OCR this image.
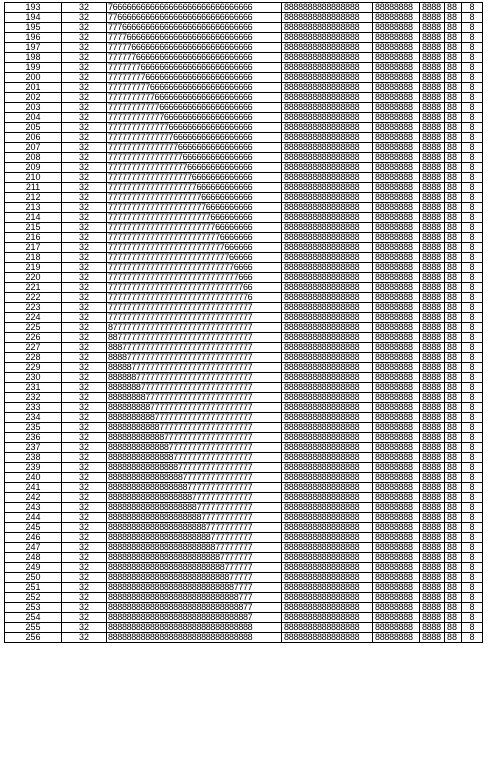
193	32	7666666666666666666666666666666	8888888888888888	88888888	8888	88	8
194	32	7766666666666666666666666666666	8888888888888888	88888888	8888	88	8
195	32	7776666666666666666666666666666	8888888888888888	88888888	8888	88	8
196	32	7777666666666666666666666666666	8888888888888888	88888888	8888	88	8
197	32	7777766666666666666666666666666	8888888888888888	88888888	8888	88	8
198	32	7777776666666666666666666666666	8888888888888888	88888888	8888	88	8
199	32	7777777666666666666666666666666	8888888888888888	88888888	8888	88	8
200	32	7777777766666666666666666666666	8888888888888888	88888888	8888	88	8
201	32	7777777776666666666666666666666	8888888888888888	88888888	8888	88	8
202	32	7777777777666666666666666666666	8888888888888888	88888888	8888	88	8
203	32	7777777777766666666666666666666	8888888888888888	88888888	8888	88	8
204	32	7777777777776666666666666666666	8888888888888888	88888888	8888	88	8
205	32	7777777777777666666666666666666	8888888888888888	88888888	8888	88	8
206	32	7777777777777766666666666666666	8888888888888888	88888888	8888	88	8
207	32	7777777777777776666666666666666	8888888888888888	88888888	8888	88	8
208	32	7777777777777777666666666666666	8888888888888888	88888888	8888	88	8
209	32	7777777777777777766666666666666	8888888888888888	88888888	8888	88	8
210	32	7777777777777777776666666666666	8888888888888888	88888888	8888	88	8
211	32	7777777777777777777666666666666	8888888888888888	88888888	8888	88	8
212	32	7777777777777777777766666666666	8888888888888888	88888888	8888	88	8
213	32	7777777777777777777776666666666	8888888888888888	88888888	8888	88	8
214	32	7777777777777777777777666666666	8888888888888888	88888888	8888	88	8
215	32	7777777777777777777777766666666	8888888888888888	88888888	8888	88	8
216	32	7777777777777777777777776666666	8888888888888888	88888888	8888	88	8
217	32	7777777777777777777777777666666	8888888888888888	88888888	8888	88	8
218	32	7777777777777777777777777766666	8888888888888888	88888888	8888	88	8
219	32	7777777777777777777777777776666	8888888888888888	88888888	8888	88	8
220	32	7777777777777777777777777777666	8888888888888888	88888888	8888	88	8
221	32	7777777777777777777777777777766	8888888888888888	88888888	8888	88	8
222	32	7777777777777777777777777777776	8888888888888888	88888888	8888	88	8
223	32	7777777777777777777777777777777	8888888888888888	88888888	8888	88	8
224	32	7777777777777777777777777777777	8888888888888888	88888888	8888	88	8
225	32	8777777777777777777777777777777	8888888888888888	88888888	8888	88	8
226	32	8877777777777777777777777777777	8888888888888888	88888888	8888	88	8
227	32	8887777777777777777777777777777	8888888888888888	88888888	8888	88	8
228	32	8888777777777777777777777777777	8888888888888888	88888888	8888	88	8
229	32	8888877777777777777777777777777	8888888888888888	88888888	8888	88	8
230	32	8888887777777777777777777777777	8888888888888888	88888888	8888	88	8
231	32	8888888777777777777777777777777	8888888888888888	88888888	8888	88	8
232	32	8888888877777777777777777777777	8888888888888888	88888888	8888	88	8
233	32	8888888887777777777777777777777	8888888888888888	88888888	8888	88	8
234	32	8888888888777777777777777777777	8888888888888888	88888888	8888	88	8
235	32	8888888888877777777777777777777	8888888888888888	88888888	8888	88	8
236	32	8888888888887777777777777777777	8888888888888888	88888888	8888	88	8
237	32	8888888888888777777777777777777	8888888888888888	88888888	8888	88	8
238	32	8888888888888877777777777777777	8888888888888888	88888888	8888	88	8
239	32	8888888888888887777777777777777	8888888888888888	88888888	8888	88	8
240	32	8888888888888888777777777777777	8888888888888888	88888888	8888	88	8
241	32	8888888888888888877777777777777	8888888888888888	88888888	8888	88	8
242	32	8888888888888888887777777777777	8888888888888888	88888888	8888	88	8
243	32	8888888888888888888777777777777	8888888888888888	88888888	8888	88	8
244	32	8888888888888888888877777777777	8888888888888888	88888888	8888	88	8
245	32	8888888888888888888887777777777	8888888888888888	88888888	8888	88	8
246	32	8888888888888888888888777777777	8888888888888888	88888888	8888	88	8
247	32	8888888888888888888888877777777	8888888888888888	88888888	8888	88	8
248	32	8888888888888888888888887777777	8888888888888888	88888888	8888	88	8
249	32	8888888888888888888888888777777	8888888888888888	88888888	8888	88	8
250	32	8888888888888888888888888877777	8888888888888888	88888888	8888	88	8
251	32	8888888888888888888888888887777	8888888888888888	88888888	8888	88	8
252	32	8888888888888888888888888888777	8888888888888888	88888888	8888	88	8
253	32	8888888888888888888888888888877	8888888888888888	88888888	8888	88	8
254	32	8888888888888888888888888888887	8888888888888888	88888888	8888	88	8
255	32	8888888888888888888888888888888	8888888888888888	88888888	8888	88	8
256	32	8888888888888888888888888888888	8888888888888888	88888888	8888	88	8
